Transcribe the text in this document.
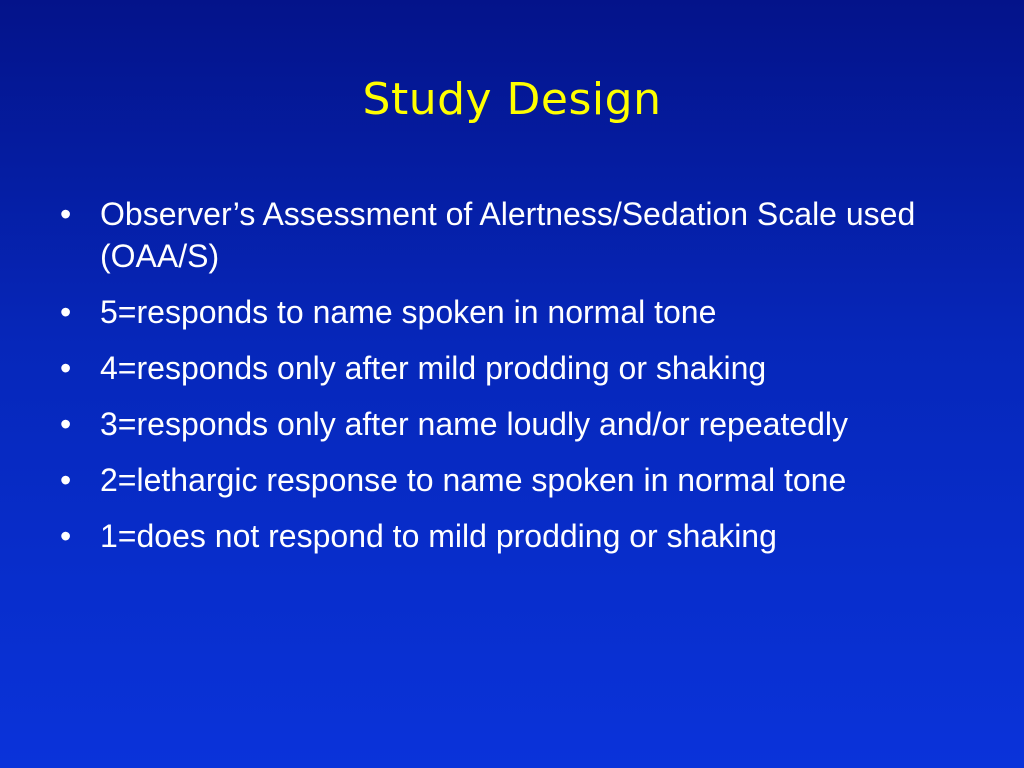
Study Design
• Observer’s Assessment of Alertness/Sedation Scale used (OAA/S)
• 5=responds to name spoken in normal tone
• 4=responds only after mild prodding or shaking
• 3=responds only after name loudly and/or repeatedly
• 2=lethargic response to name spoken in normal tone
• 1=does not respond to mild prodding or shaking
